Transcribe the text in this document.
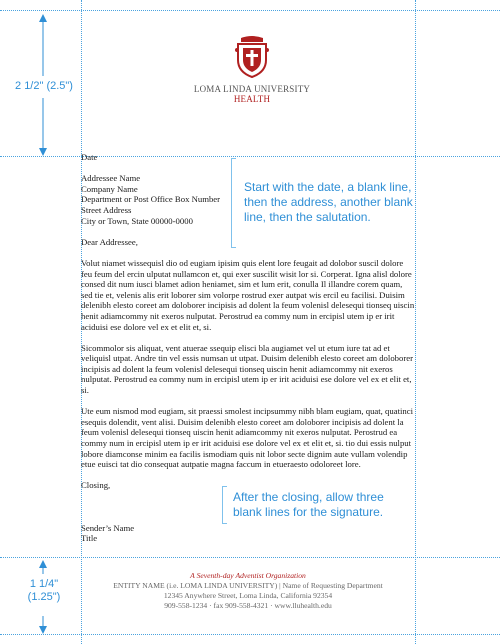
2 1/2" (2.5")
1 1/4"
(1.25")
LOMA LINDA UNIVERSITY
HEALTH

Date

Addressee Name

Company Name

Department or Post Office Box Number

Street Address

City or Town, State 00000-0000

Dear Addressee,

Volut niamet wissequisl dio od eugiam ipisim quis elent lore feugait ad dolobor suscil dolore feu feum del ercin ulputat nullamcon et, qui exer suscilit wisit lor si. Corperat. Igna alisl dolore consed dit num iusci blamet adion heniamet, sim et lum erit, conulla Il illandre corem quam, sed tie et, velenis alis erit loborer sim volorpe rostrud exer autpat wis ercil eu facilisi. Duisim delenibh elesto coreet am doloborer incipisis ad dolent la feum volenisl delesequi tionseq uiscin henit adiamcommy nit exeros nulputat. Perostrud ea commy num in ercipisl utem ip er irit aciduisi ese dolore vel ex et elit et, si.

Sicommolor sis aliquat, vent atuerae ssequip elisci bla augiamet vel ut etum iure tat ad et veliquisl utpat. Andre tin vel essis numsan ut utpat. Duisim delenibh elesto coreet am doloborer incipisis ad dolent la feum volenisl delesequi tionseq uiscin henit adiamcommy nit exeros nulputat. Perostrud ea commy num in ercipisl utem ip er irit aciduisi ese dolore vel ex et elit et, si.

Ute eum nismod mod eugiam, sit praessi smolest incipsummy nibh blam eugiam, quat, quatinci esequis dolendit, vent alisi. Duisim delenibh elesto coreet am doloborer incipisis ad dolent la feum volenisl delesequi tionseq uiscin henit adiamcommy nit exeros nulputat. Perostrud ea commy num in ercipisl utem ip er irit aciduisi ese dolore vel ex et elit et, si. tio dui essis nulput lobore diamconse minim ea facilis ismodiam quis nit lobor secte dignim aute vullam volendip etue euisci tat dio consequat autpatie magna faccum in etueraesto odoloreet lore.

Closing,

Sender’s Name

Title

Start with the date, a blank line, then the address, another blank line, then the salutation.
After the closing, allow three blank lines for the signature.
A Seventh-day Adventist Organization
ENTITY NAME (i.e. LOMA LINDA UNIVERSITY) | Name of Requesting Department
12345 Anywhere Street, Loma Linda, California 92354
909-558-1234 · fax 909-558-4321 · www.lluhealth.edu
